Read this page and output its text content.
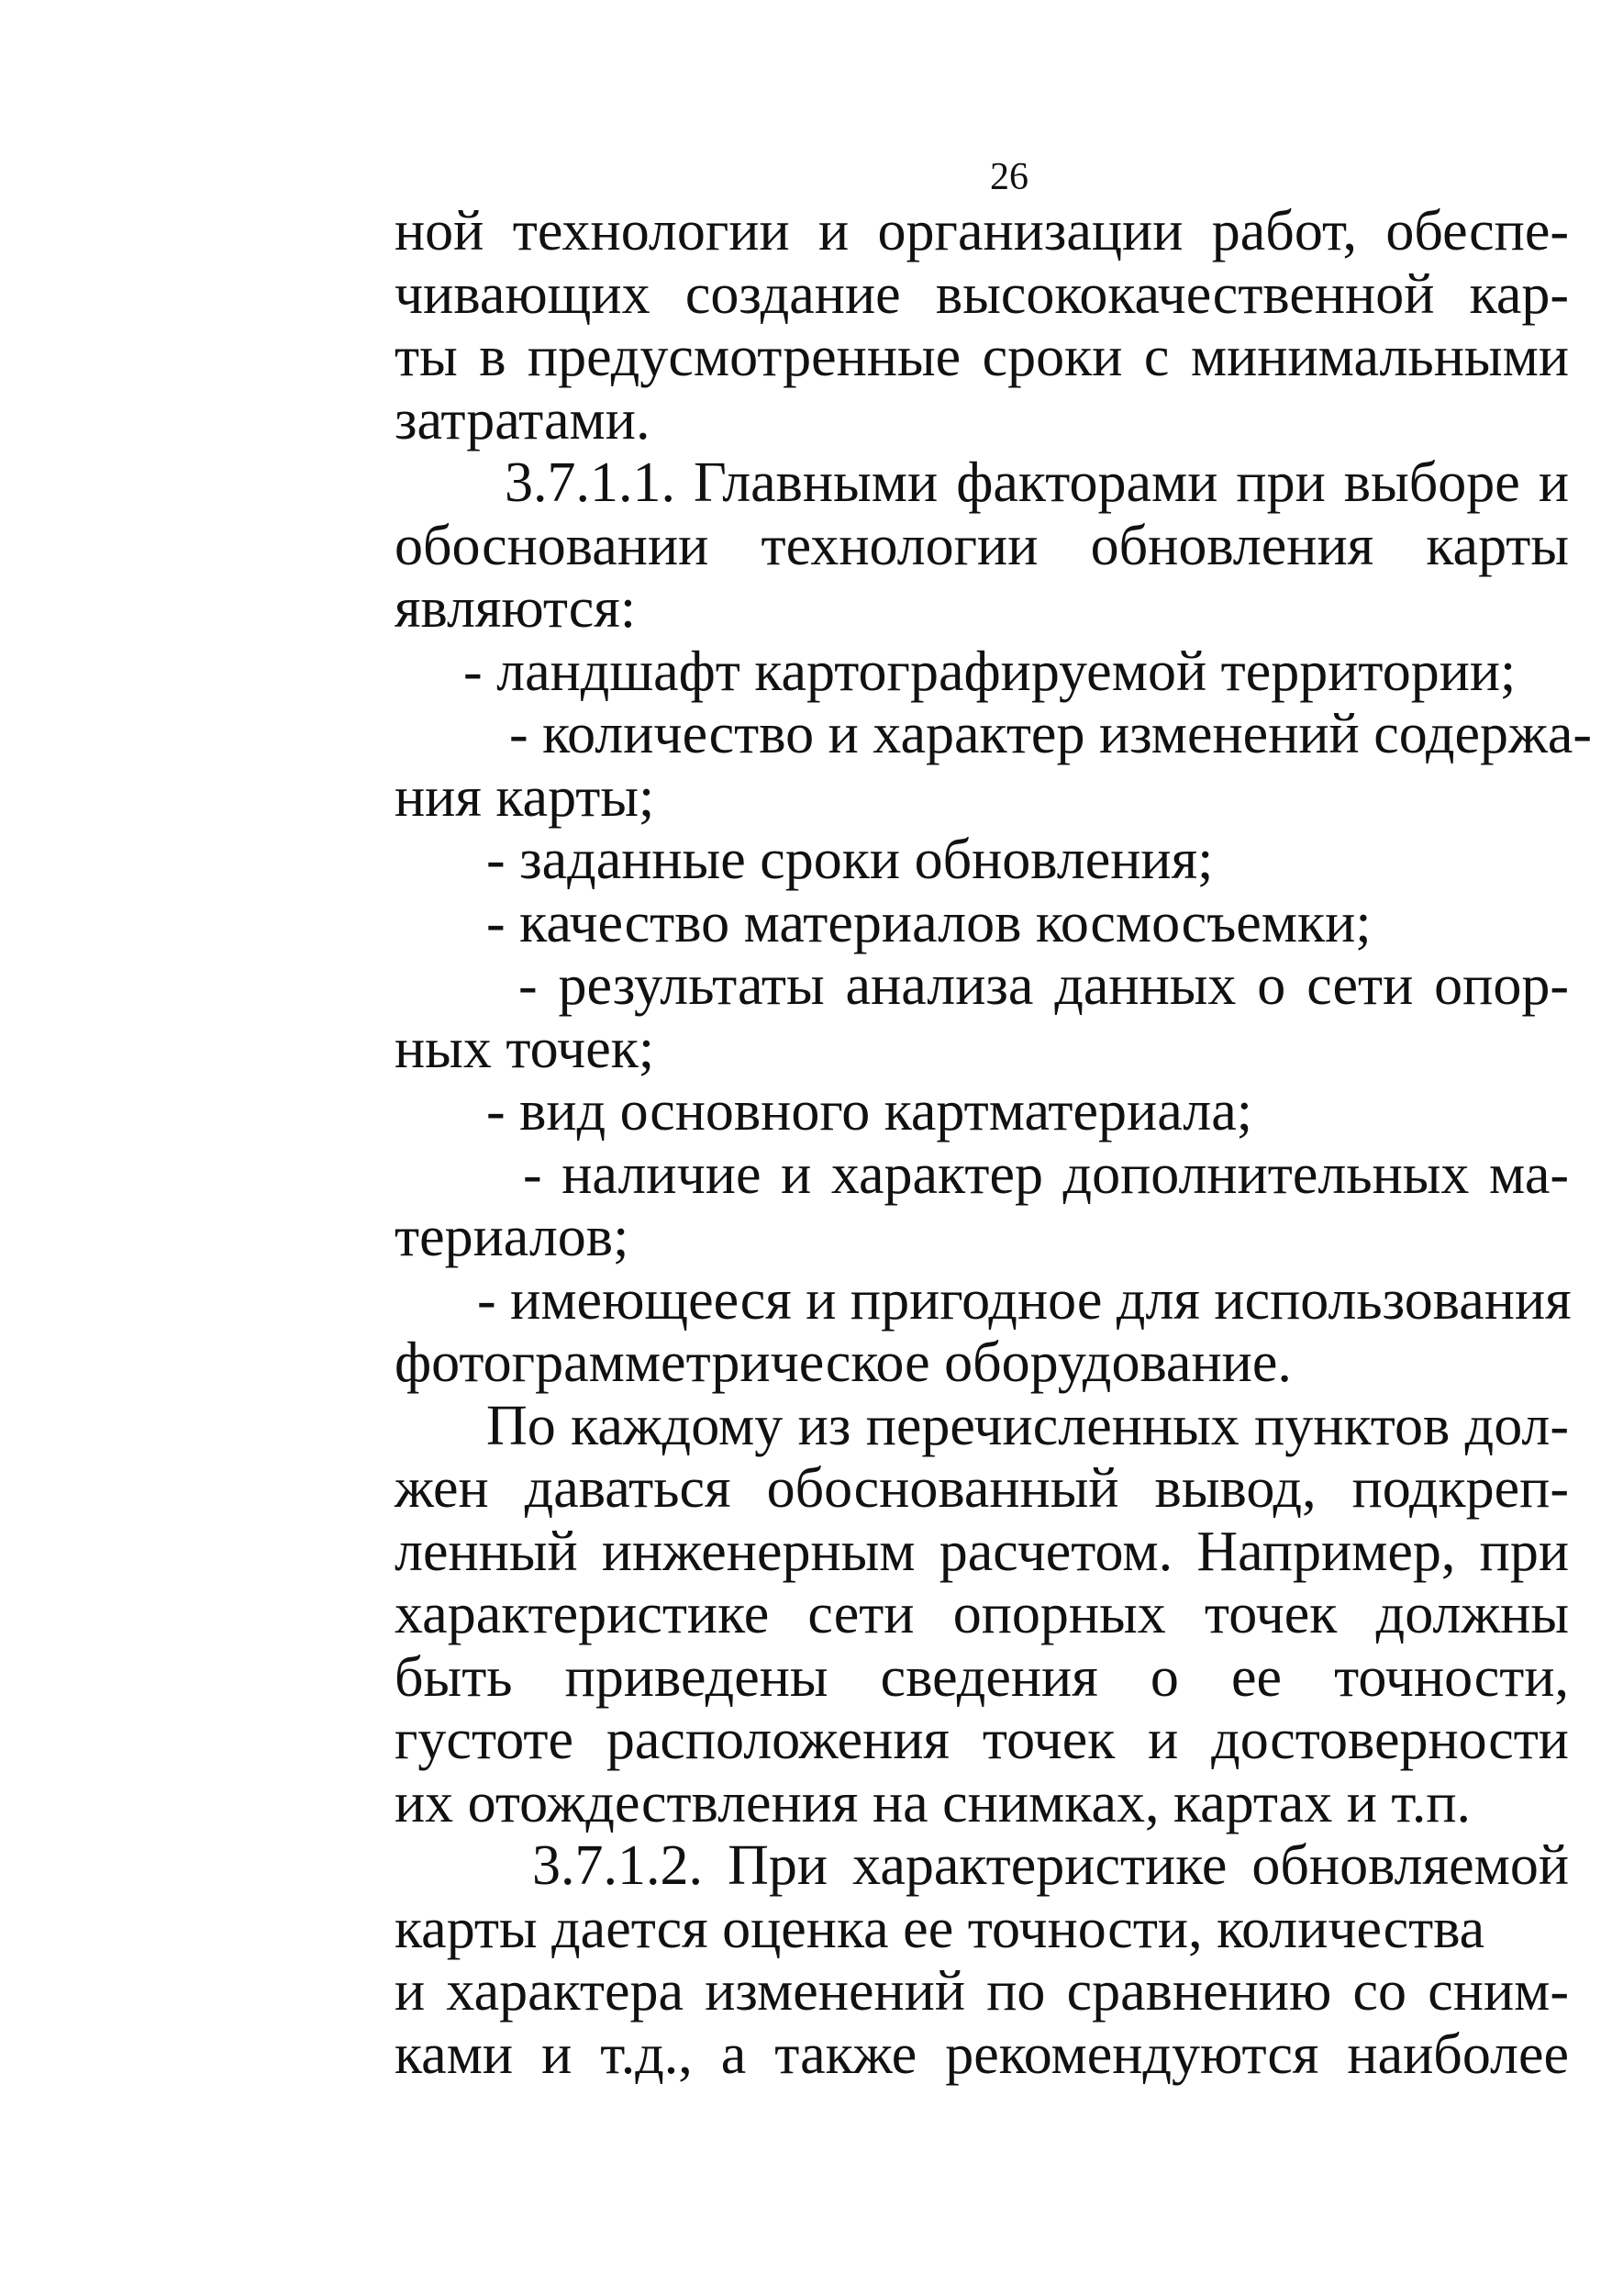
26
ной технологии и организации работ, обеспе-
чивающих создание высококачественной кар-
ты в предусмотренные сроки с минимальными
затратами.
3.7.1.1. Главными факторами при выборе и
обосновании технологии обновления карты
являются:
- ландшафт картографируемой территории;
- количество и характер изменений содержа-
ния карты;
- заданные сроки обновления;
- качество материалов космосъемки;
- результаты анализа данных о сети опор-
ных точек;
- вид основного картматериала;
- наличие и характер дополнительных ма-
териалов;
- имеющееся и пригодное для использования
фотограмметрическое оборудование.
По каждому из перечисленных пунктов дол-
жен даваться обоснованный вывод, подкреп-
ленный инженерным расчетом. Например, при
характеристике сети опорных точек должны
быть приведены сведения о ее точности,
густоте расположения точек и достоверности
их отождествления на снимках, картах и т.п.
3.7.1.2. При характеристике обновляемой
карты дается оценка ее точности, количества
и характера изменений по сравнению со сним-
ками и т.д., а также рекомендуются наиболее
